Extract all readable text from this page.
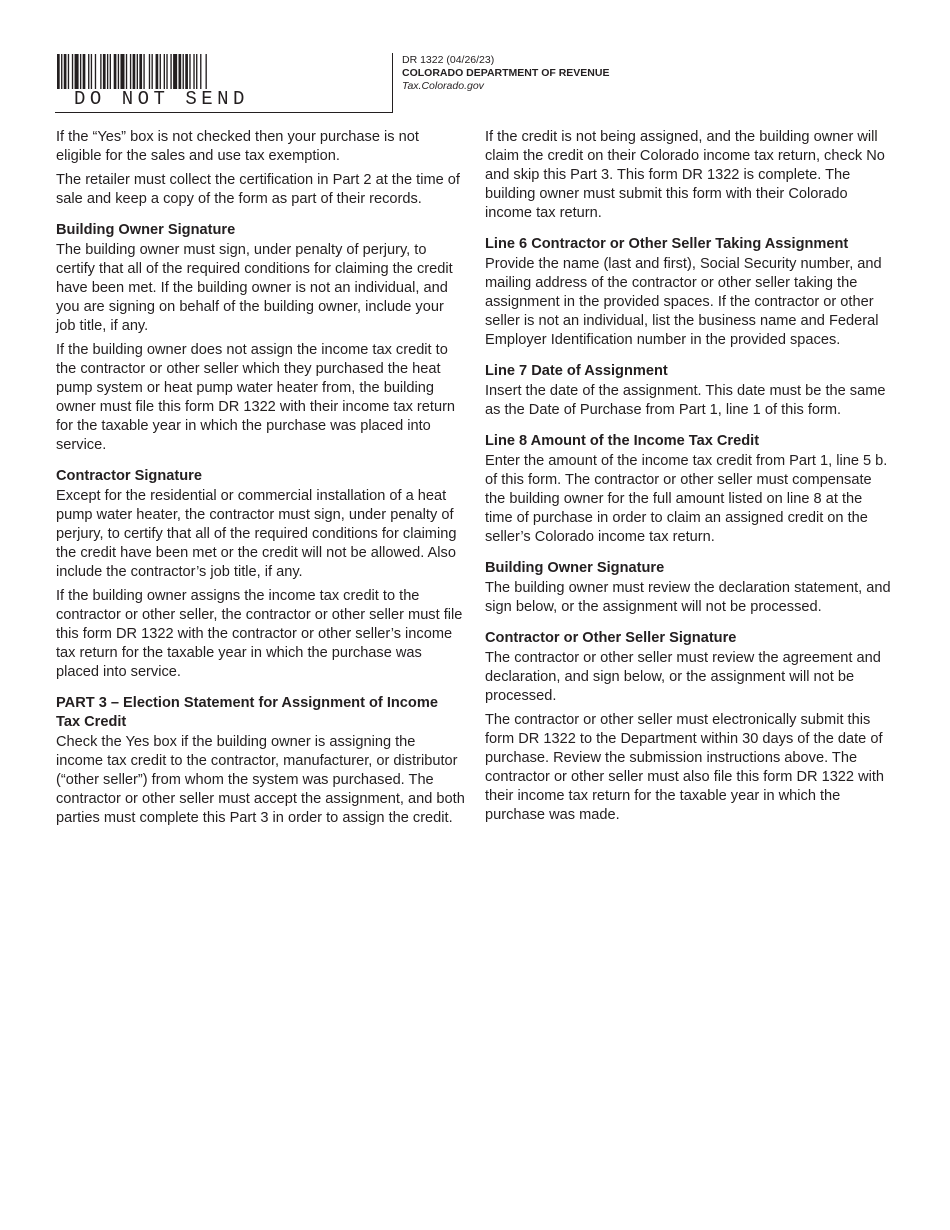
DO NOT SEND
DR 1322 (04/26/23)
COLORADO DEPARTMENT OF REVENUE
Tax.Colorado.gov

If the “Yes” box is not checked then your purchase is not eligible for the sales and use tax exemption.

The retailer must collect the certification in Part 2 at the time of sale and keep a copy of the form as part of their records.

Building Owner Signature

The building owner must sign, under penalty of perjury, to certify that all of the required conditions for claiming the credit have been met. If the building owner is not an individual, and you are signing on behalf of the building owner, include your job title, if any.

If the building owner does not assign the income tax credit to the contractor or other seller which they purchased the heat pump system or heat pump water heater from, the building owner must file this form DR 1322 with their income tax return for the taxable year in which the purchase was placed into service.

Contractor Signature

Except for the residential or commercial installation of a heat pump water heater, the contractor must sign, under penalty of perjury, to certify that all of the required conditions for claiming the credit have been met or the credit will not be allowed. Also include the contractor’s job title, if any.

If the building owner assigns the income tax credit to the contractor or other seller, the contractor or other seller must file this form DR 1322 with the contractor or other seller’s income tax return for the taxable year in which the purchase was placed into service.

PART 3 – Election Statement for Assignment of Income Tax Credit

Check the Yes box if the building owner is assigning the income tax credit to the contractor, manufacturer, or distributor (“other seller”) from whom the system was purchased. The contractor or other seller must accept the assignment, and both parties must complete this Part 3 in order to assign the credit.

If the credit is not being assigned, and the building owner will claim the credit on their Colorado income tax return, check No and skip this Part 3. This form DR 1322 is complete. The building owner must submit this form with their Colorado income tax return.

Line 6 Contractor or Other Seller Taking Assignment

Provide the name (last and first), Social Security number, and mailing address of the contractor or other seller taking the assignment in the provided spaces. If the contractor or other seller is not an individual, list the business name and Federal Employer Identification number in the provided spaces.

Line 7 Date of Assignment

Insert the date of the assignment. This date must be the same as the Date of Purchase from Part 1, line 1 of this form.

Line 8 Amount of the Income Tax Credit

Enter the amount of the income tax credit from Part 1, line 5 b. of this form. The contractor or other seller must compensate the building owner for the full amount listed on line 8 at the time of purchase in order to claim an assigned credit on the seller’s Colorado income tax return.

Building Owner Signature

The building owner must review the declaration statement, and sign below, or the assignment will not be processed.

Contractor or Other Seller Signature

The contractor or other seller must review the agreement and declaration, and sign below, or the assignment will not be processed.

The contractor or other seller must electronically submit this form DR 1322 to the Department within 30 days of the date of purchase. Review the submission instructions above. The contractor or other seller must also file this form DR 1322 with their income tax return for the taxable year in which the purchase was made.
